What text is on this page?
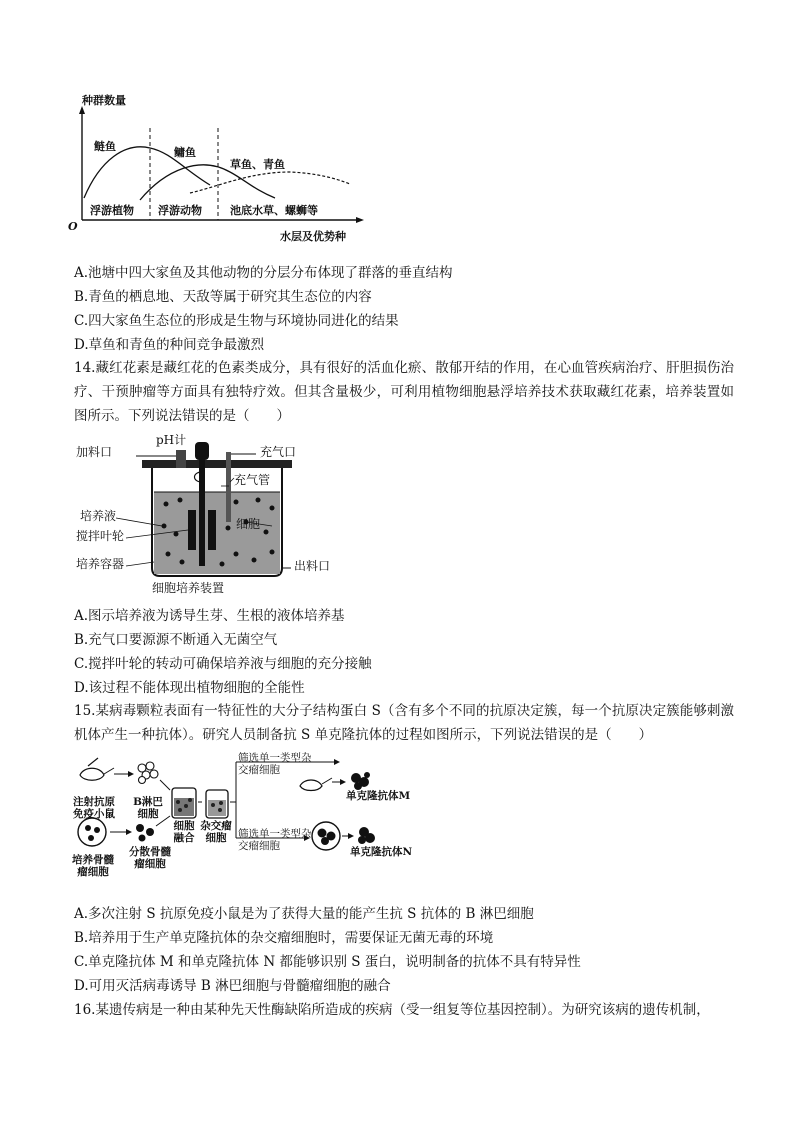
种群数量
水层及优势种
O
鲢鱼	鳙鱼
草鱼、青鱼
浮游植物 浮游动物	池底水草、螺蛳等
A.池塘中四大家鱼及其他动物的分层分布体现了群落的垂直结构
B.青鱼的栖息地、天敌等属于研究其生态位的内容
C.四大家鱼生态位的形成是生物与环境协同进化的结果
D.草鱼和青鱼的种间竞争最激烈
14.藏红花素是藏红花的色素类成分，具有很好的活血化瘀、散郁开结的作用，在心血管疾病治疗、肝胆损伤治疗、干预肿瘤等方面具有独特疗效。但其含量极少，可利用植物细胞悬浮培养技术获取藏红花素，培养装置如图所示。下列说法错误的是（　　）
加料口
pH计
充气口
充气管
培养液
细胞
搅拌叶轮
出料口
培养容器
细胞培养装置
A.图示培养液为诱导生芽、生根的液体培养基
B.充气口要源源不断通入无菌空气
C.搅拌叶轮的转动可确保培养液与细胞的充分接触
D.该过程不能体现出植物细胞的全能性
15.某病毒颗粒表面有一特征性的大分子结构蛋白 S（含有多个不同的抗原决定簇，每一个抗原决定簇能够刺激机体产生一种抗体）。研究人员制备抗 S 单克隆抗体的过程如图所示，下列说法错误的是（　　）
注射抗原免疫小鼠
B淋巴细胞
培养骨髓瘤细胞
分散骨髓瘤细胞
细胞融合
杂交瘤细胞
筛选单一类型杂交瘤细胞
筛选单一类型杂交瘤细胞
单克隆抗体M
单克隆抗体N
A.多次注射 S 抗原免疫小鼠是为了获得大量的能产生抗 S 抗体的 B 淋巴细胞
B.培养用于生产单克隆抗体的杂交瘤细胞时，需要保证无菌无毒的环境
C.单克隆抗体 M 和单克隆抗体 N 都能够识别 S 蛋白，说明制备的抗体不具有特异性
D.可用灭活病毒诱导 B 淋巴细胞与骨髓瘤细胞的融合
16.某遗传病是一种由某种先天性酶缺陷所造成的疾病（受一组复等位基因控制）。为研究该病的遗传机制，
